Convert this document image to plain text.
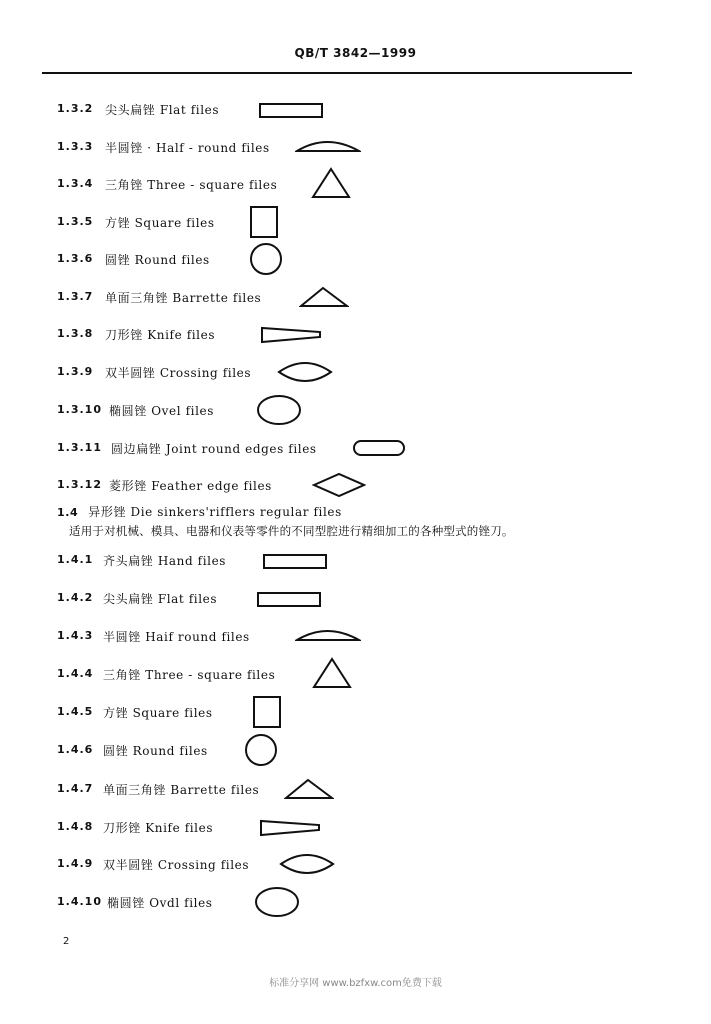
QB/T 3842—1999
1.3.2 尖头扁锉 Flat files
1.3.3 半圆锉 · Half - round files
1.3.4 三角锉 Three - square files
1.3.5 方锉 Square files
1.3.6 圆锉 Round files
1.3.7 单面三角锉 Barrette files
1.3.8 刀形锉 Knife files
1.3.9 双半圆锉 Crossing files
1.3.10 椭圆锉 Ovel files
1.3.11 圆边扁锉 Joint round edges files
1.3.12 菱形锉 Feather edge files
1.4 异形锉 Die sinkers'rifflers regular files
适用于对机械、模具、电器和仪表等零件的不同型腔进行精细加工的各种型式的锉刀。
1.4.1 齐头扁锉 Hand files
1.4.2 尖头扁锉 Flat files
1.4.3 半圆锉 Haif round files
1.4.4 三角锉 Three - square files
1.4.5 方锉 Square files
1.4.6 圆锉 Round files
1.4.7 单面三角锉 Barrette files
1.4.8 刀形锉 Knife files
1.4.9 双半圆锉 Crossing files
1.4.10 椭圆锉 Ovdl files
2
标准分享网 www.bzfxw.com免费下载
